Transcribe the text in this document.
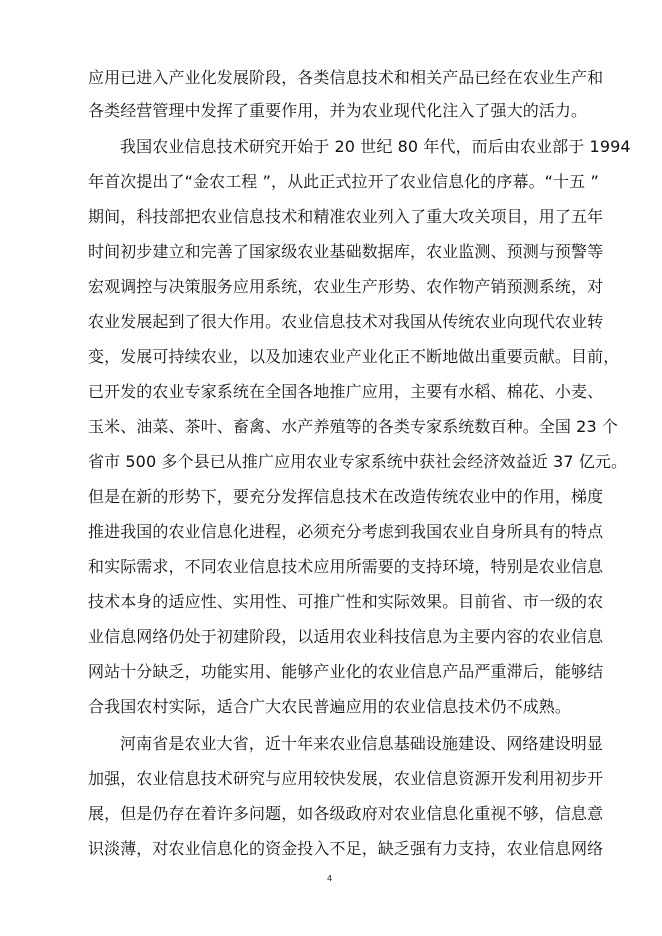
应用已进入产业化发展阶段，各类信息技术和相关产品已经在农业生产和
各类经营管理中发挥了重要作用，并为农业现代化注入了强大的活力。
我国农业信息技术研究开始于 20 世纪 80 年代，而后由农业部于 1994
年首次提出了“金农工程 ”，从此正式拉开了农业信息化的序幕。“十五 ”
期间，科技部把农业信息技术和精准农业列入了重大攻关项目，用了五年
时间初步建立和完善了国家级农业基础数据库，农业监测、预测与预警等
宏观调控与决策服务应用系统，农业生产形势、农作物产销预测系统，对
农业发展起到了很大作用。农业信息技术对我国从传统农业向现代农业转
变，发展可持续农业，以及加速农业产业化正不断地做出重要贡献。目前，
已开发的农业专家系统在全国各地推广应用，主要有水稻、棉花、小麦、
玉米、油菜、茶叶、畜禽、水产养殖等的各类专家系统数百种。全国 23 个
省市 500 多个县已从推广应用农业专家系统中获社会经济效益近 37 亿元。
但是在新的形势下，要充分发挥信息技术在改造传统农业中的作用，梯度
推进我国的农业信息化进程，必须充分考虑到我国农业自身所具有的特点
和实际需求，不同农业信息技术应用所需要的支持环境，特别是农业信息
技术本身的适应性、实用性、可推广性和实际效果。目前省、市一级的农
业信息网络仍处于初建阶段，以适用农业科技信息为主要内容的农业信息
网站十分缺乏，功能实用、能够产业化的农业信息产品严重滞后，能够结
合我国农村实际，适合广大农民普遍应用的农业信息技术仍不成熟。
河南省是农业大省，近十年来农业信息基础设施建设、网络建设明显
加强，农业信息技术研究与应用较快发展，农业信息资源开发利用初步开
展，但是仍存在着许多问题，如各级政府对农业信息化重视不够，信息意
识淡薄，对农业信息化的资金投入不足，缺乏强有力支持，农业信息网络
4
